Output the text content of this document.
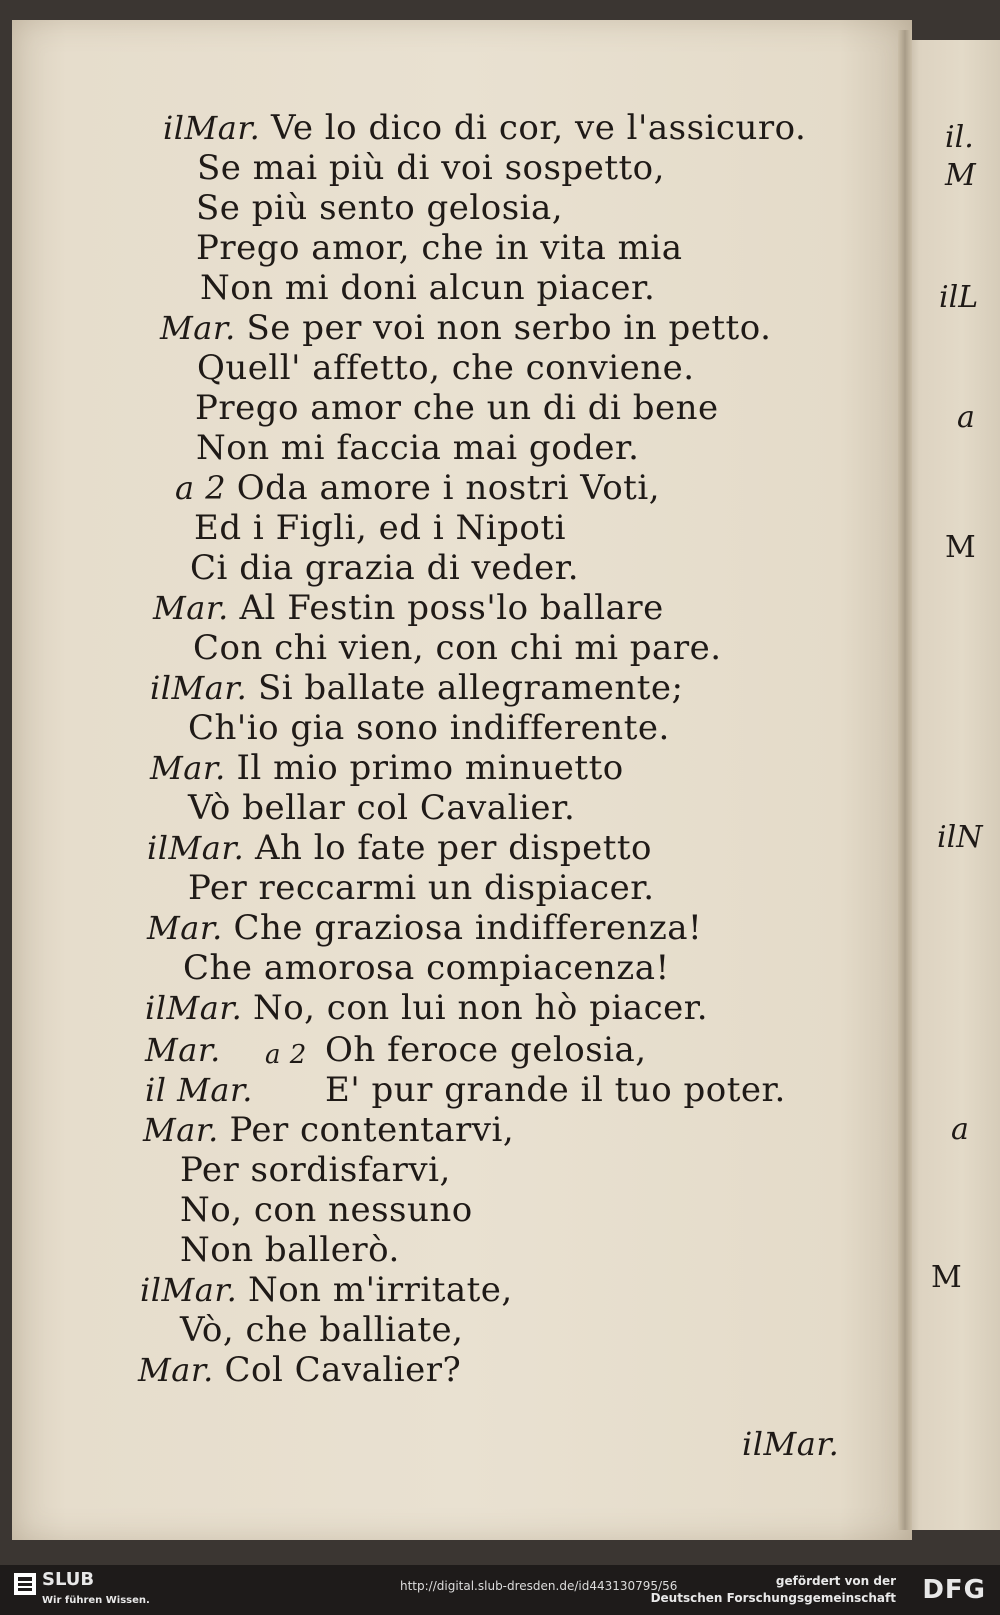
il.
M
ilL
a
M
ilN
a
M
ilMar. Ve lo dico di cor, ve l'assicuro.
Se mai più di voi sospetto,
Se più sento gelosia,
Prego amor, che in vita mia
Non mi doni alcun piacer.
Mar. Se per voi non serbo in petto.
Quell' affetto, che conviene.
Prego amor che un di di bene
Non mi faccia mai goder.
a 2 Oda amore i nostri Voti,
Ed i Figli, ed i Nipoti
Ci dia grazia di veder.
Mar. Al Festin poss'lo ballare
Con chi vien, con chi mi pare.
ilMar. Si ballate allegramente;
Ch'io gia sono indifferente.
Mar. Il mio primo minuetto
Vò bellar col Cavalier.
ilMar. Ah lo fate per dispetto
Per reccarmi un dispiacer.
Mar. Che graziosa indifferenza!
Che amorosa compiacenza!
ilMar. No, con lui non hò piacer.
Mar.	Oh feroce gelosia,
il Mar. E' pur grande il tuo poter.
Mar. Per contentarvi,
Per sordisfarvi,
No, con nessuno
Non ballerò.
ilMar. Non m'irritate,
Vò, che balliate,
Mar. Col Cavalier?
a 2
ilMar.
SLUB
Wir führen Wissen.
http://digital.slub-dresden.de/id443130795/56	gefördert von der
Deutschen Forschungsgemeinschaft DFG
